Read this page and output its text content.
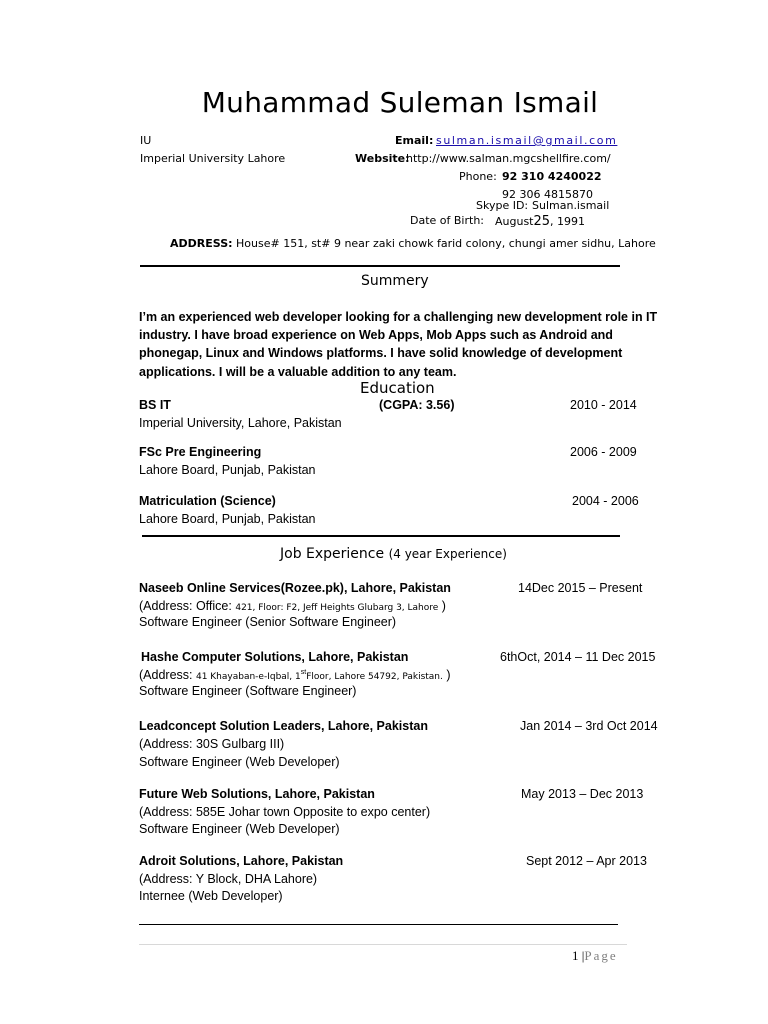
Muhammad Suleman Ismail
IU
Imperial University Lahore
Email: sulman.ismail@gmail.com
Website:
http://www.salman.mgcshellfire.com/
Phone: 92 310 4240022
92 306 4815870
Skype ID: Sulman.ismail
Date of Birth: August25, 1991
ADDRESS: House# 151, st# 9 near zaki chowk farid colony, chungi amer sidhu, Lahore
Summery

I’m an experienced web developer looking for a challenging new development role in IT industry. I have broad experience on Web Apps, Mob Apps such as Android and phonegap, Linux and Windows platforms. I have solid knowledge of development applications. I will be a valuable addition to any team.

Education
BS IT	(CGPA: 3.56)	2010 - 2014
Imperial University, Lahore, Pakistan
FSc Pre Engineering	2006 - 2009
Lahore Board, Punjab, Pakistan
Matriculation (Science)	2004 - 2006
Lahore Board, Punjab, Pakistan
Job Experience (4 year Experience)
Naseeb Online Services(Rozee.pk), Lahore, Pakistan	14Dec 2015 – Present
(Address: Office: 421, Floor: F2, Jeff Heights Glubarg 3, Lahore )
Software Engineer (Senior Software Engineer)
Hashe Computer Solutions, Lahore, Pakistan	6thOct, 2014 – 11 Dec 2015
(Address: 41 Khayaban-e-Iqbal, 1stFloor, Lahore 54792, Pakistan. )
Software Engineer (Software Engineer)
Leadconcept Solution Leaders, Lahore, Pakistan	Jan 2014 – 3rd Oct 2014
(Address: 30S Gulbarg III)
Software Engineer (Web Developer)
Future Web Solutions, Lahore, Pakistan	May 2013 – Dec 2013
(Address: 585E Johar town Opposite to expo center)
Software Engineer (Web Developer)
Adroit Solutions, Lahore, Pakistan	Sept 2012 – Apr 2013
(Address: Y Block, DHA Lahore)
Internee (Web Developer)
1 |Page
